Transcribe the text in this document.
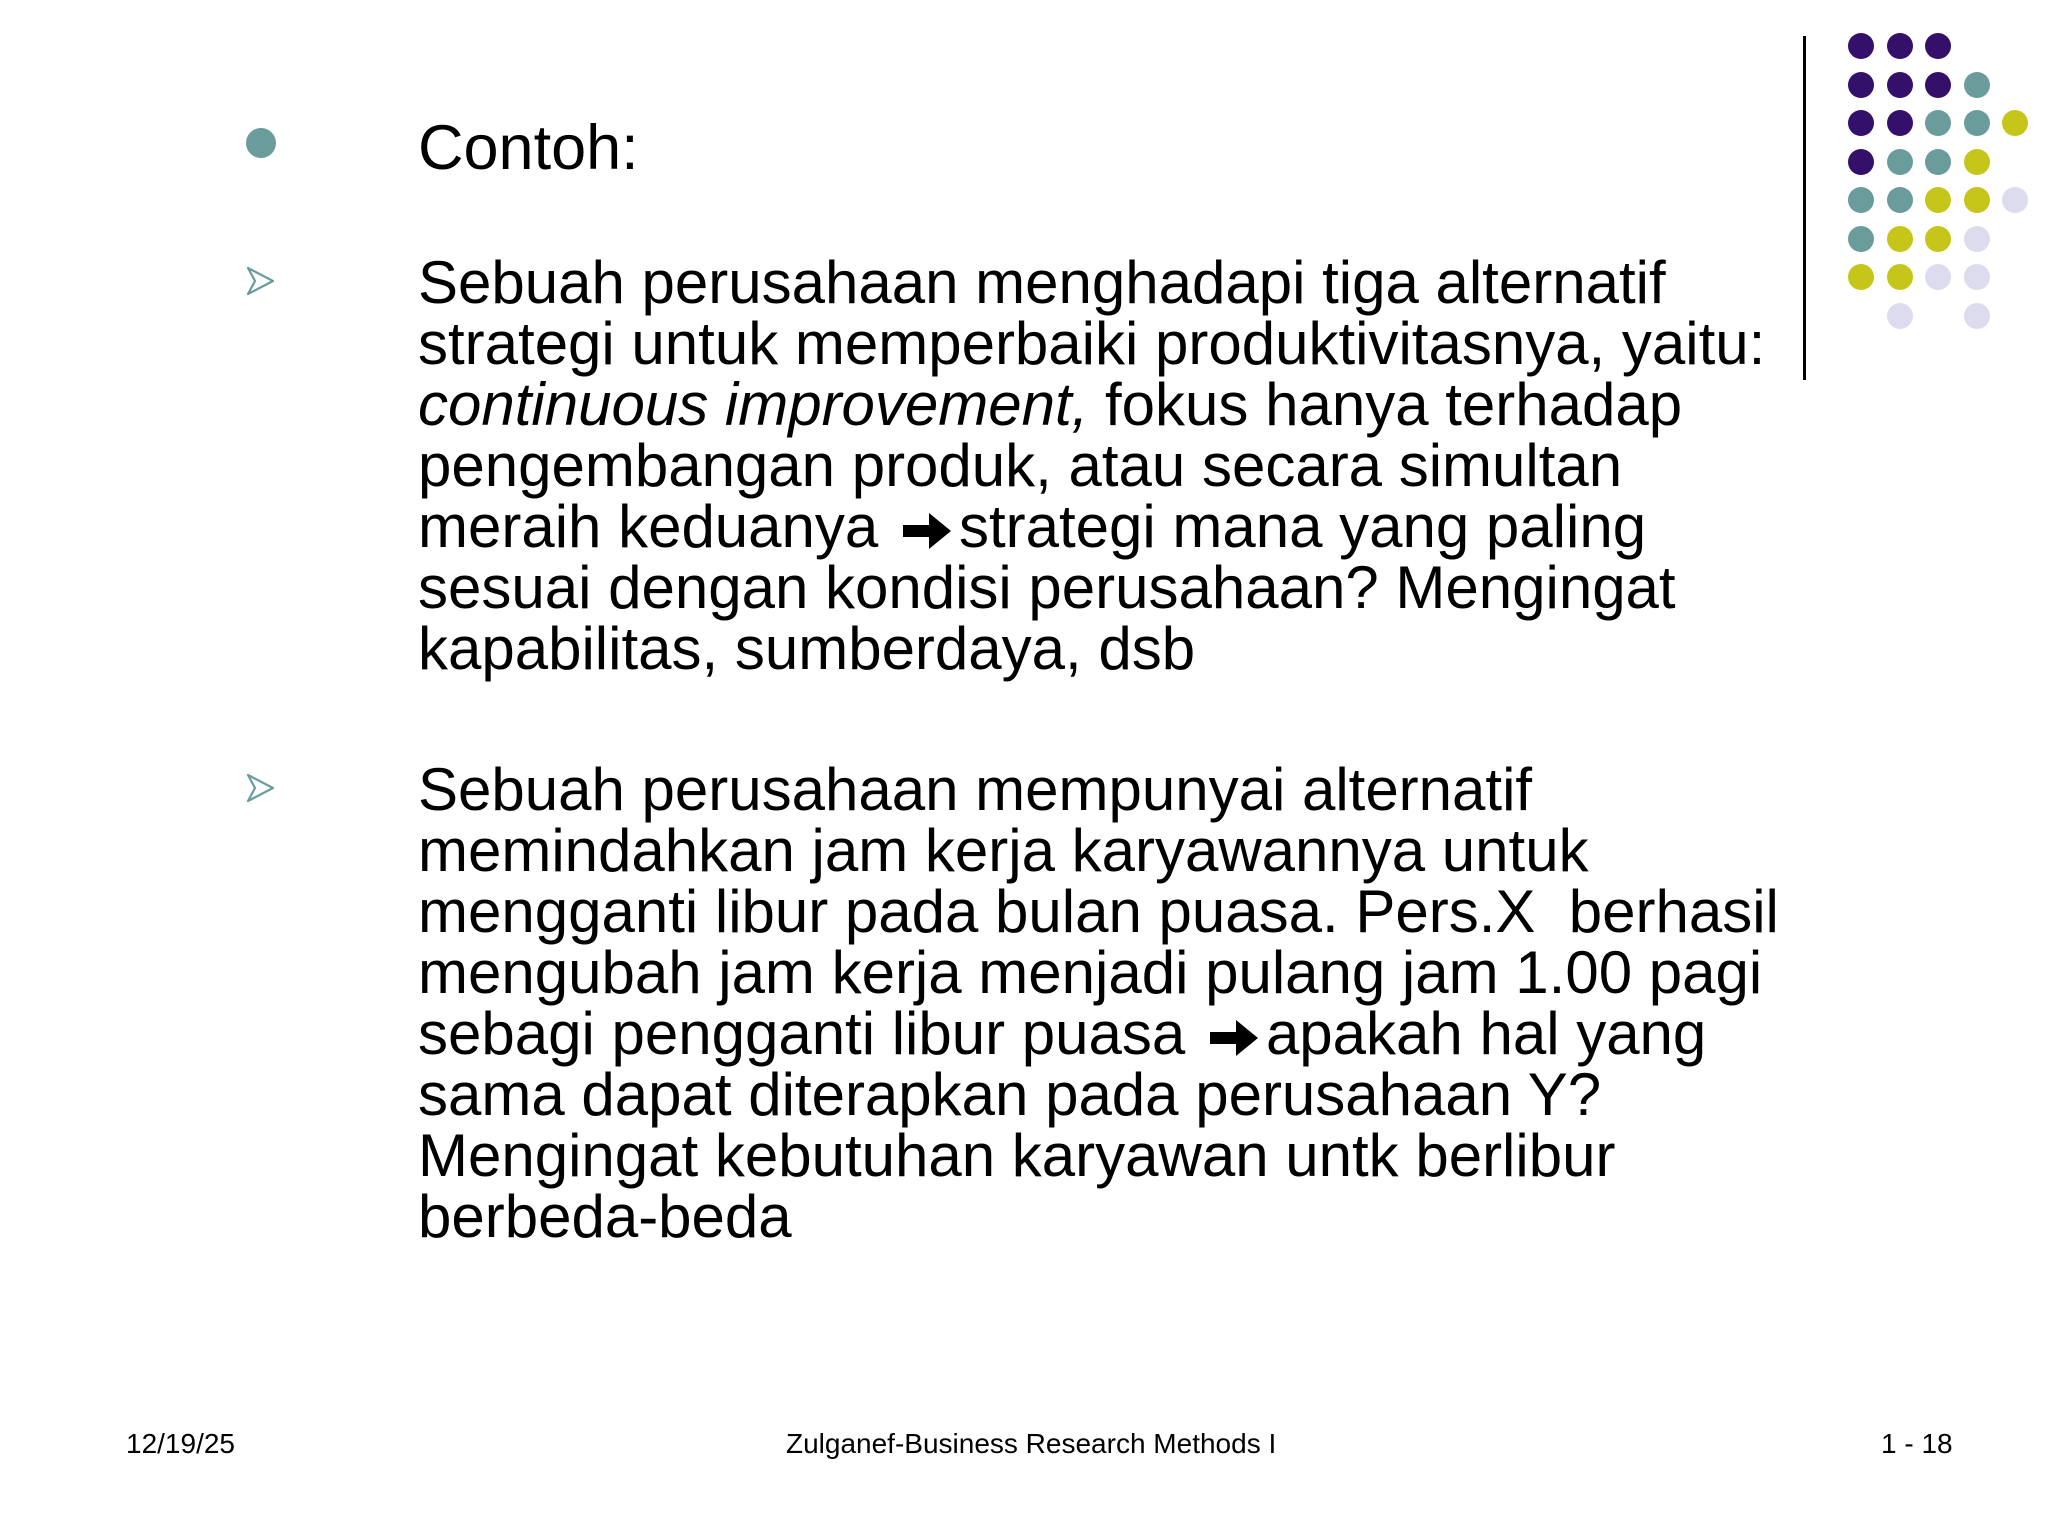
Contoh:
Sebuah perusahaan menghadapi tiga alternatif
strategi untuk memperbaiki produktivitasnya, yaitu:
continuous improvement, fokus hanya terhadap
pengembangan produk, atau secara simultan
meraih keduanya strategi mana yang paling
sesuai dengan kondisi perusahaan? Mengingat
kapabilitas, sumberdaya, dsb
Sebuah perusahaan mempunyai alternatif
memindahkan jam kerja karyawannya untuk
mengganti libur pada bulan puasa. Pers.X  berhasil
mengubah jam kerja menjadi pulang jam 1.00 pagi
sebagi pengganti libur puasa apakah hal yang
sama dapat diterapkan pada perusahaan Y?
Mengingat kebutuhan karyawan untk berlibur
berbeda-beda
12/19/25	Zulganef-Business Research Methods I	1 - 18
